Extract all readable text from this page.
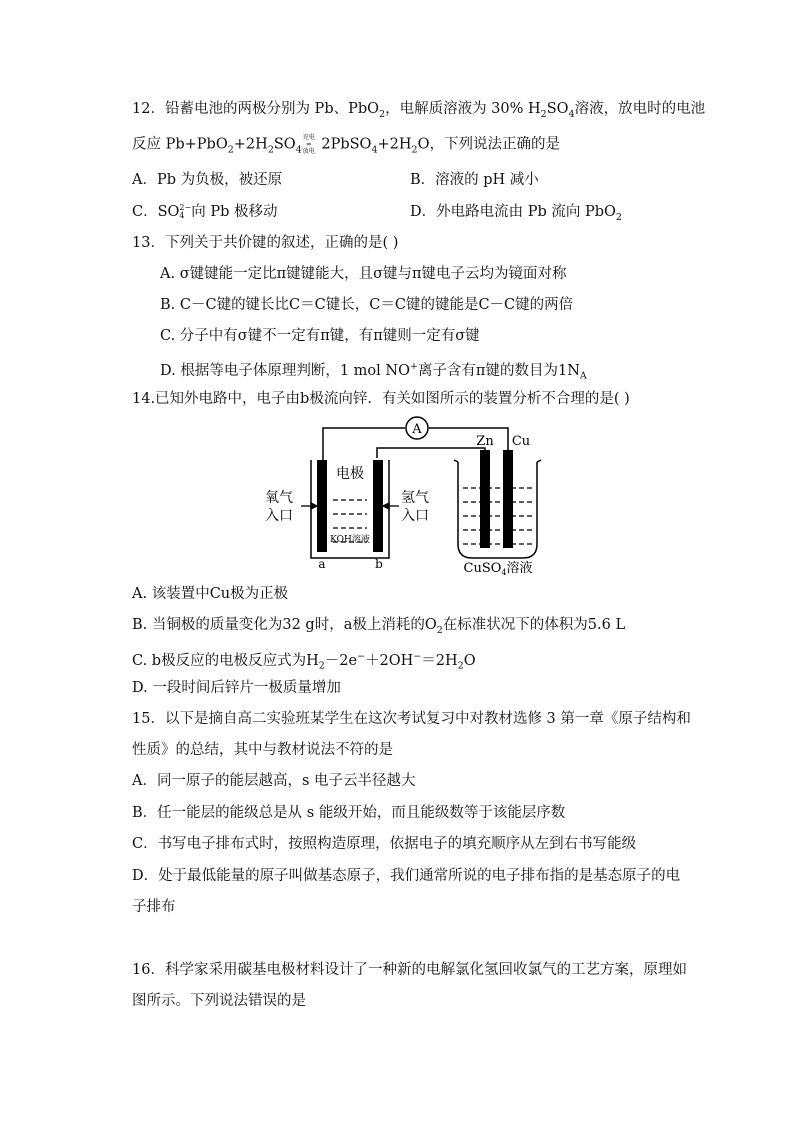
12．铅蓄电池的两极分别为 Pb、PbO$_2$，电解质溶液为 30% $H_2SO_4$溶液，放电时的电池
反应 $Pb+PbO_2+2H_2SO_4$
充电
⇌
放电 $2PbSO_4+2H_2O$，下列说法正确的是
A．Pb 为负极，被还原	B．溶液的 pH 减小
C．SO 2−
4 向 Pb 极移动	D．外电路电流由 Pb 流向 PbO$_2$
13．下列关于共价键的叙述，正确的是( )
A. σ键键能一定比π键键能大，且σ键与π键电子云均为镜面对称
B. C－C键的键长比C＝C键长，C＝C键的键能是C－C键的两倍
C. 分子中有σ键不一定有π键，有π键则一定有σ键
D. 根据等电子体原理判断，1 mol NO+离子含有π键的数目为$1N_A$
14.已知外电路中，电子由b极流向锌．有关如图所示的装置分析不合理的是( )
A
电极
氧气
入口
氢气
入口
KOH溶液
a	b
Zn Cu
CuSO$_4$溶液
A. 该装置中Cu极为正极
B. 当铜极的质量变化为32 g时，a极上消耗的$O_2$在标准状况下的体积为5.6 L
C. b极反应的电极反应式为$H_2-2e^-+2OH^-=2H_2O$
D. 一段时间后锌片一极质量增加
15．以下是摘自高二实验班某学生在这次考试复习中对教材选修 3 第一章《原子结构和
性质》的总结，其中与教材说法不符的是
A．同一原子的能层越高，s 电子云半径越大
B．任一能层的能级总是从 s 能级开始，而且能级数等于该能层序数
C．书写电子排布式时，按照构造原理，依据电子的填充顺序从左到右书写能级
D．处于最低能量的原子叫做基态原子，我们通常所说的电子排布指的是基态原子的电
子排布
16．科学家采用碳基电极材料设计了一种新的电解氯化氢回收氯气的工艺方案，原理如
图所示。下列说法错误的是
